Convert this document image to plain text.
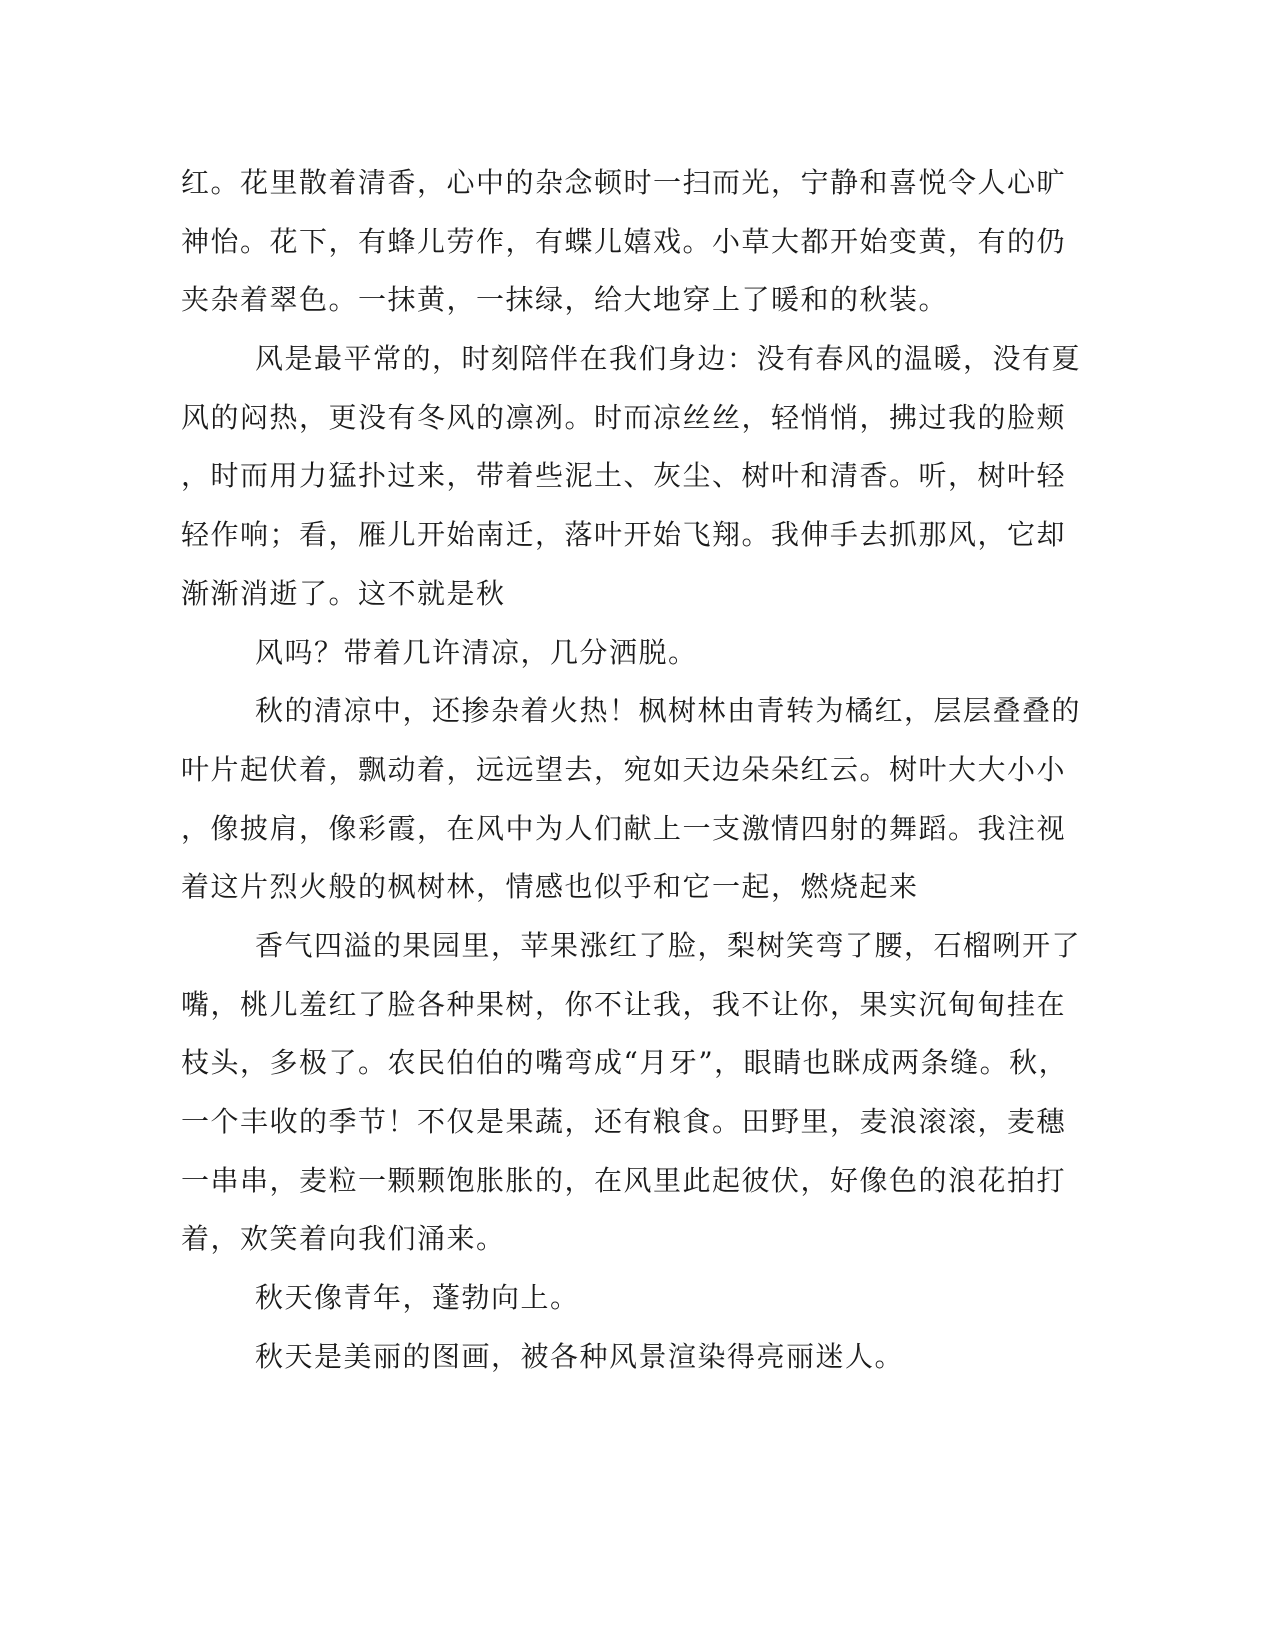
红。花里散着清香，心中的杂念顿时一扫而光，宁静和喜悦令人心旷
神怡。花下，有蜂儿劳作，有蝶儿嬉戏。小草大都开始变黄，有的仍
夹杂着翠色。一抹黄，一抹绿，给大地穿上了暖和的秋装。
风是最平常的，时刻陪伴在我们身边：没有春风的温暖，没有夏
风的闷热，更没有冬风的凛冽。时而凉丝丝，轻悄悄，拂过我的脸颊
，时而用力猛扑过来，带着些泥土、灰尘、树叶和清香。听，树叶轻
轻作响；看，雁儿开始南迁，落叶开始飞翔。我伸手去抓那风，它却
渐渐消逝了。这不就是秋
风吗？带着几许清凉，几分洒脱。
秋的清凉中，还掺杂着火热！枫树林由青转为橘红，层层叠叠的
叶片起伏着，飘动着，远远望去，宛如天边朵朵红云。树叶大大小小
，像披肩，像彩霞，在风中为人们献上一支激情四射的舞蹈。我注视
着这片烈火般的枫树林，情感也似乎和它一起，燃烧起来
香气四溢的果园里，苹果涨红了脸，梨树笑弯了腰，石榴咧开了
嘴，桃儿羞红了脸各种果树，你不让我，我不让你，果实沉甸甸挂在
枝头，多极了。农民伯伯的嘴弯成“月牙”，眼睛也眯成两条缝。秋，
一个丰收的季节！不仅是果蔬，还有粮食。田野里，麦浪滚滚，麦穗
一串串，麦粒一颗颗饱胀胀的，在风里此起彼伏，好像色的浪花拍打
着，欢笑着向我们涌来。
秋天像青年，蓬勃向上。
秋天是美丽的图画，被各种风景渲染得亮丽迷人。
